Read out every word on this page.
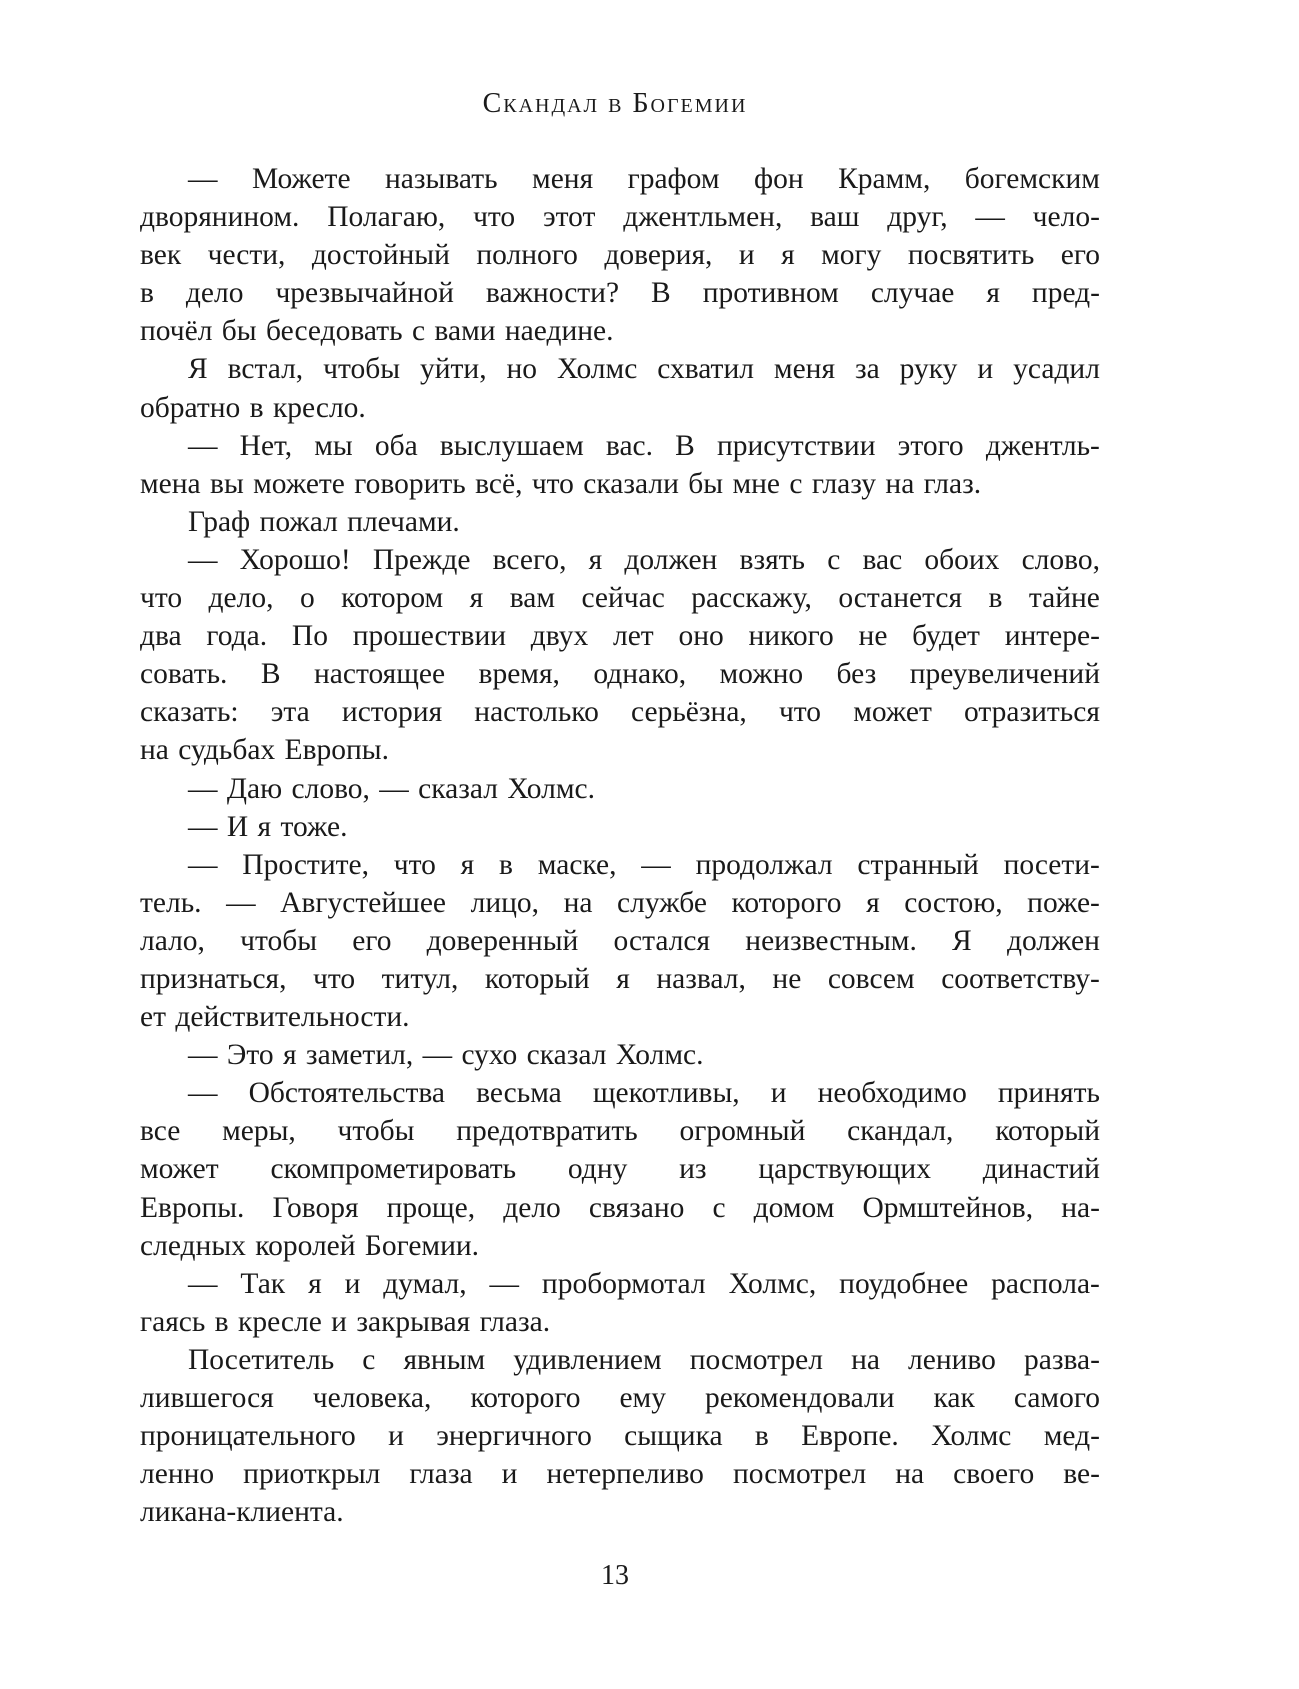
Скандал в Богемии
— Можете называть меня графом фон Крамм, богемским
дворянином. Полагаю, что этот джентльмен, ваш друг, — чело-
век чести, достойный полного доверия, и я могу посвятить его
в дело чрезвычайной важности? В противном случае я пред-
почёл бы беседовать с вами наедине.
Я встал, чтобы уйти, но Холмс схватил меня за руку и усадил
обратно в кресло.
— Нет, мы оба выслушаем вас. В присутствии этого джентль-
мена вы можете говорить всё, что сказали бы мне с глазу на глаз.
Граф пожал плечами.
— Хорошо! Прежде всего, я должен взять с вас обоих слово,
что дело, о котором я вам сейчас расскажу, останется в тайне
два года. По прошествии двух лет оно никого не будет интере-
совать. В настоящее время, однако, можно без преувеличений
сказать: эта история настолько серьёзна, что может отразиться
на судьбах Европы.
— Даю слово, — сказал Холмс.
— И я тоже.
— Простите, что я в маске, — продолжал странный посети-
тель. — Августейшее лицо, на службе которого я состою, поже-
лало, чтобы его доверенный остался неизвестным. Я должен
признаться, что титул, который я назвал, не совсем соответству-
ет действительности.
— Это я заметил, — сухо сказал Холмс.
— Обстоятельства весьма щекотливы, и необходимо принять
все меры, чтобы предотвратить огромный скандал, который
может скомпрометировать одну из царствующих династий
Европы. Говоря проще, дело связано с домом Ормштейнов, на-
следных королей Богемии.
— Так я и думал, — пробормотал Холмс, поудобнее распола-
гаясь в кресле и закрывая глаза.
Посетитель с явным удивлением посмотрел на лениво разва-
лившегося человека, которого ему рекомендовали как самого
проницательного и энергичного сыщика в Европе. Холмс мед-
ленно приоткрыл глаза и нетерпеливо посмотрел на своего ве-
ликана-клиента.
13
